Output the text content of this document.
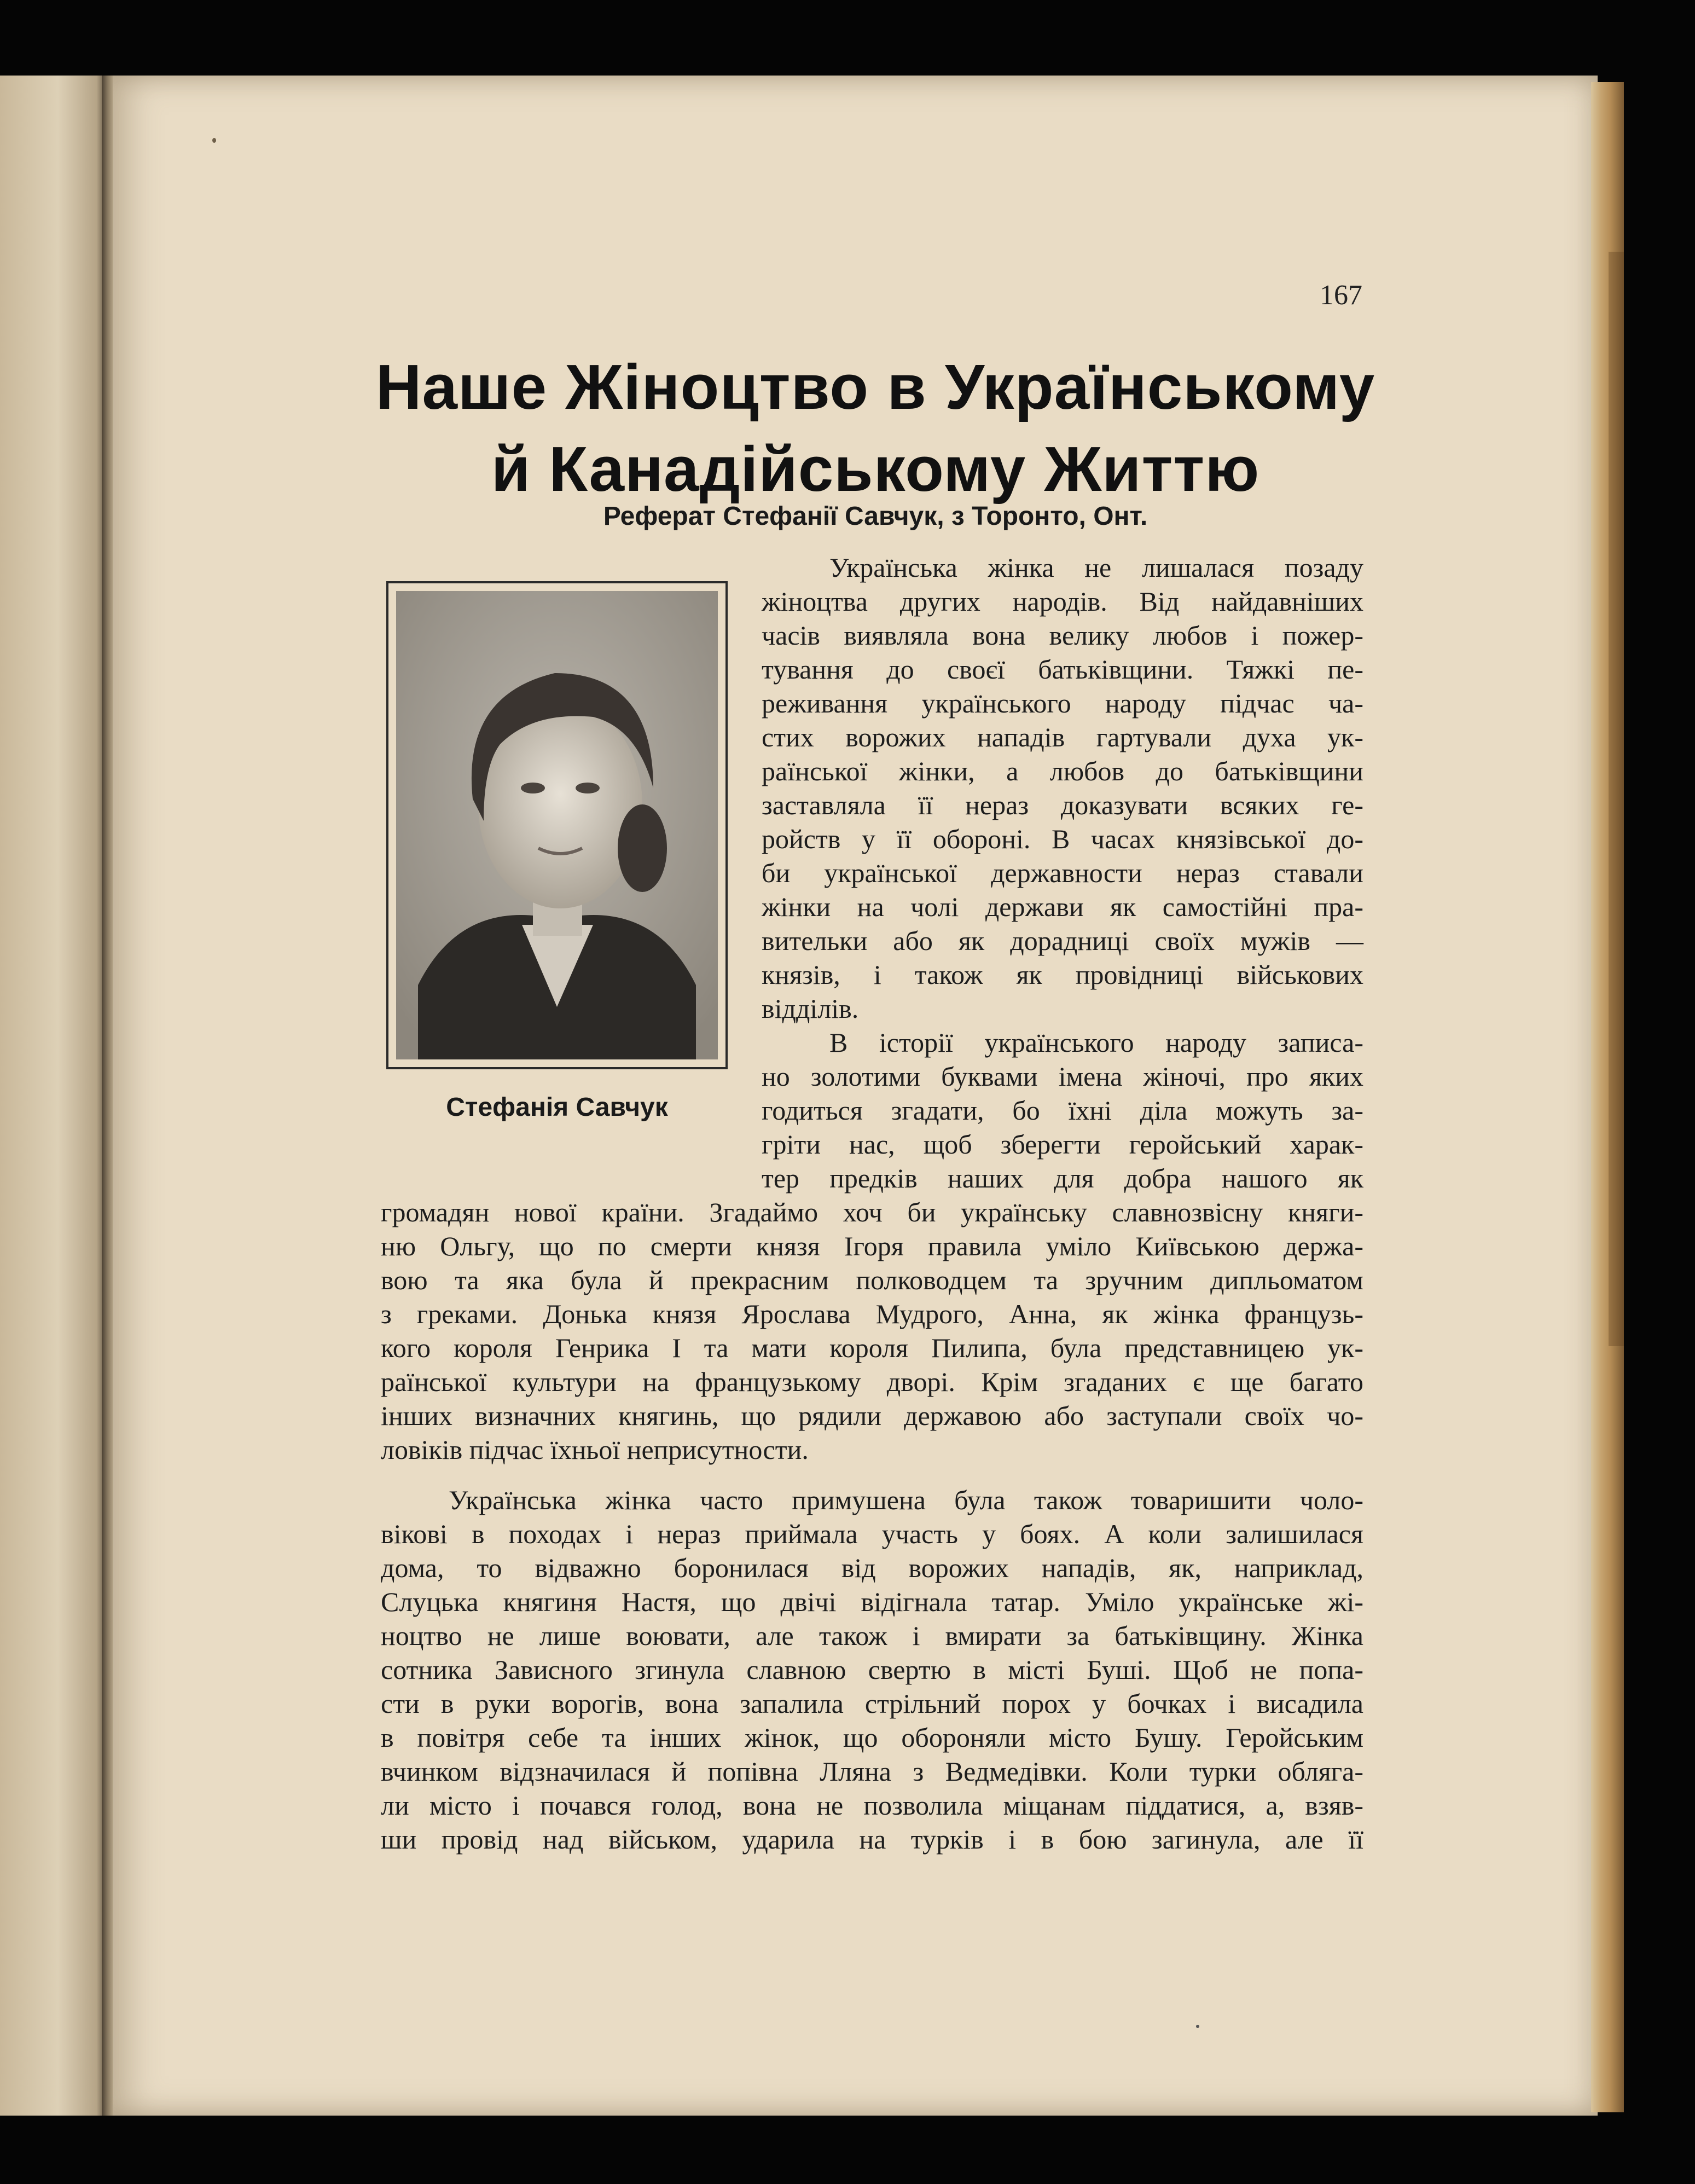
167

Наше Жіноцтво в Українському
й Канадійському Життю

Реферат Стефанії Савчук, з Торонто, Онт.

Стефанія Савчук

Українська жінка не лишалася позаду

жіноцтва других народів. Від найдавніших

часів виявляла вона велику любов і пожер-

тування до своєї батьківщини. Тяжкі пе-

реживання українського народу підчас ча-

стих ворожих нападів гартували духа ук-

раїнської жінки, а любов до батьківщини

заставляла її нераз доказувати всяких ге-

ройств у її обороні. В часах князівської до-

би української державности нераз ставали

жінки на чолі держави як самостійні пра-

вительки або як дорадниці своїх мужів —

князів, і також як провідниці військових

відділів.

В історії українського народу записа-

но золотими буквами імена жіночі, про яких

годиться згадати, бо їхні діла можуть за-

гріти нас, щоб зберегти геройський харак-

тер предків наших для добра нашого як

громадян нової країни. Згадаймо хоч би українську славнозвісну княги-

ню Ольгу, що по смерти князя Ігоря правила уміло Київською держа-

вою та яка була й прекрасним полководцем та зручним дипльоматом

з греками. Донька князя Ярослава Мудрого, Анна, як жінка французь-

кого короля Генрика І та мати короля Пилипа, була представницею ук-

раїнської культури на французькому дворі. Крім згаданих є ще багато

інших визначних княгинь, що рядили державою або заступали своїх чо-

ловіків підчас їхньої неприсутности.

Українська жінка часто примушена була також товаришити чоло-

вікові в походах і нераз приймала участь у боях. А коли залишилася

дома, то відважно боронилася від ворожих нападів, як, наприклад,

Слуцька княгиня Настя, що двічі відігнала татар. Уміло українське жі-

ноцтво не лише воювати, але також і вмирати за батьківщину. Жінка

сотника Зависного згинула славною свертю в місті Буші. Щоб не попа-

сти в руки ворогів, вона запалила стрільний порох у бочках і висадила

в повітря себе та інших жінок, що обороняли місто Бушу. Геройським

вчинком відзначилася й попівна Лляна з Ведмедівки. Коли турки облягa-

ли місто і почався голод, вона не позволила міщанам піддатися, а, взяв-

ши провід над військом, ударила на турків і в бою загинула, але її
